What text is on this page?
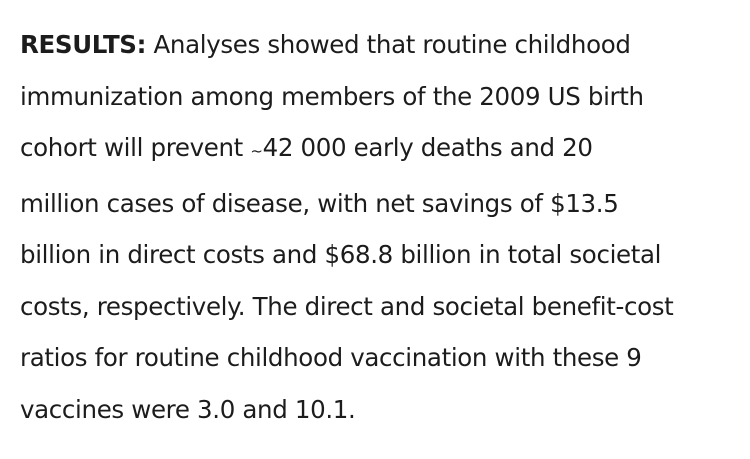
RESULTS: Analyses showed that routine childhood
immunization among members of the 2009 US birth
cohort will prevent ~42 000 early deaths and 20
million cases of disease, with net savings of $13.5
billion in direct costs and $68.8 billion in total societal
costs, respectively. The direct and societal benefit-cost
ratios for routine childhood vaccination with these 9
vaccines were 3.0 and 10.1.
